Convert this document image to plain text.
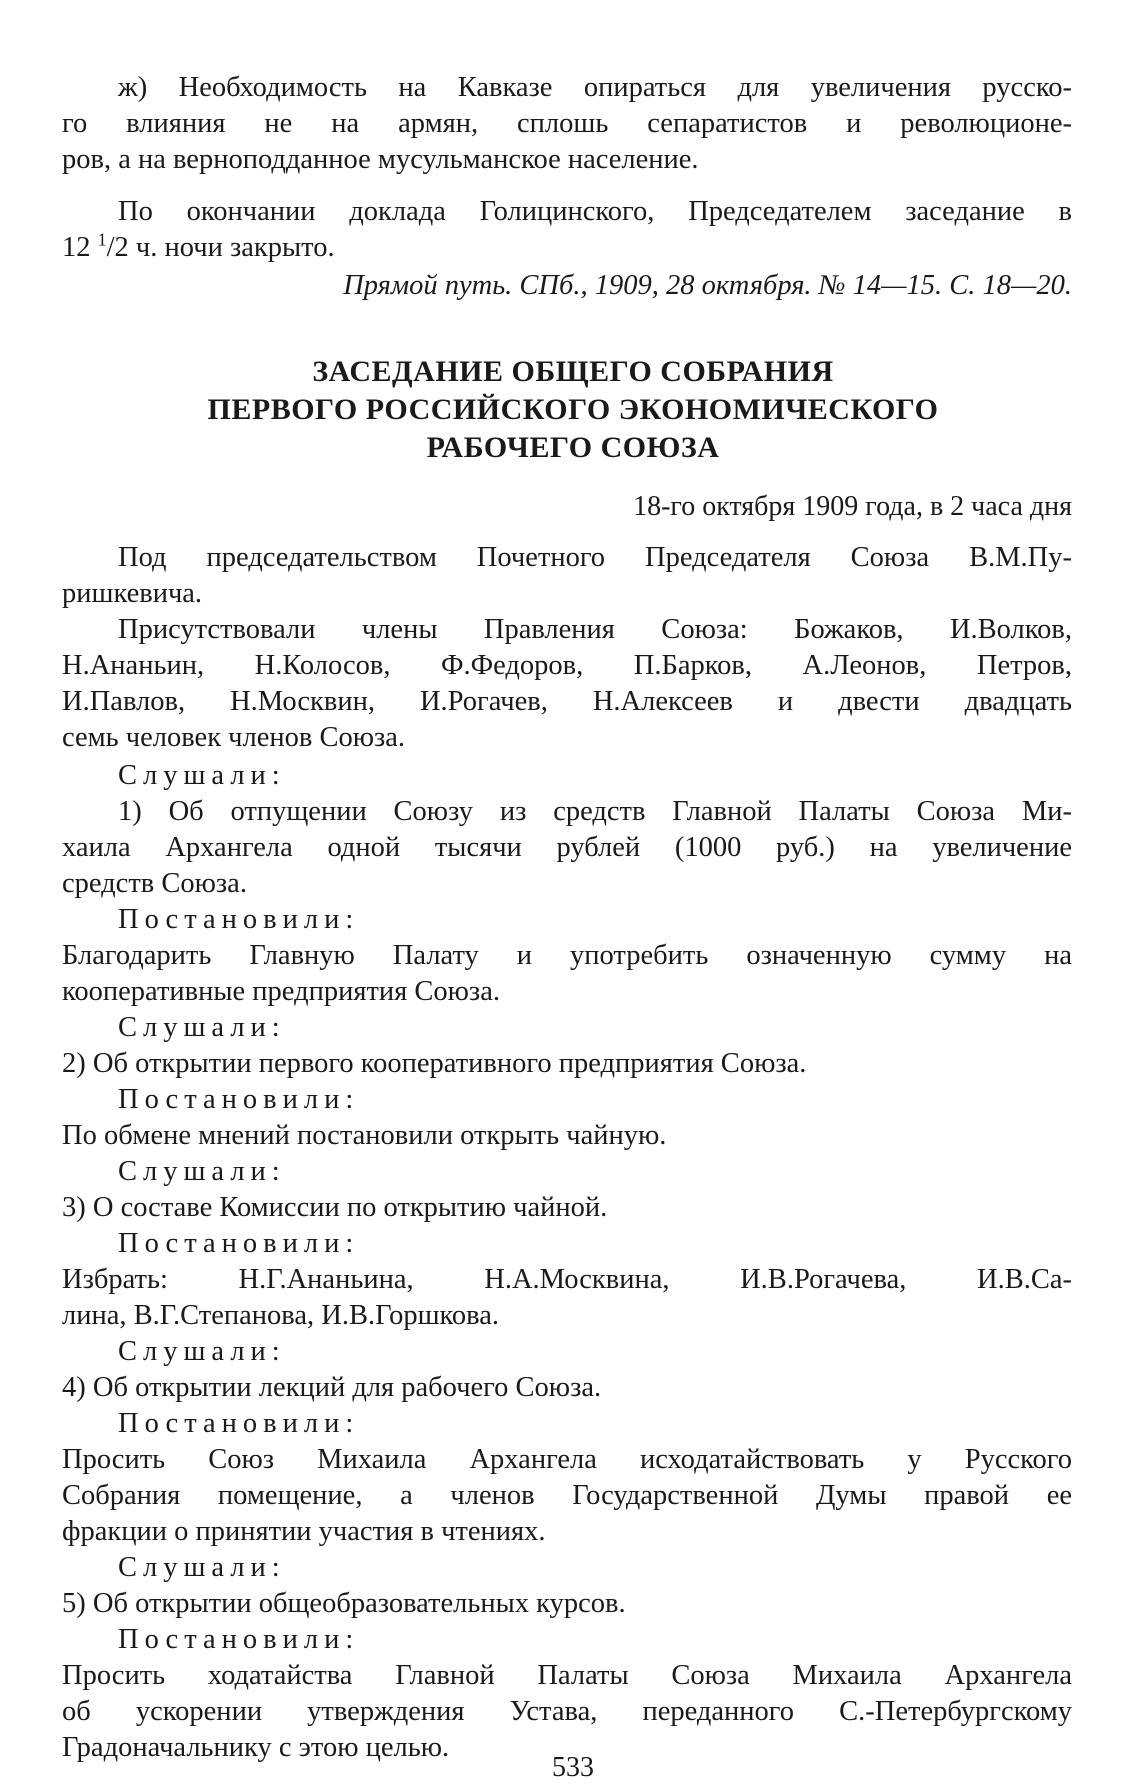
ж) Необходимость на Кавказе опираться для увеличения русско-
го влияния не на армян, сплошь сепаратистов и революционе-
ров, а на верноподданное мусульманское население.
По окончании доклада Голицинского, Председателем заседание в
12 $^1$/2 ч. ночи закрыто.
Прямой путь. СПб., 1909, 28 октября. № 14—15. С. 18—20.
ЗАСЕДАНИЕ ОБЩЕГО СОБРАНИЯ
ПЕРВОГО РОССИЙСКОГО ЭКОНОМИЧЕСКОГО
РАБОЧЕГО СОЮЗА
18-го октября 1909 года, в 2 часа дня
Под председательством Почетного Председателя Союза В.М.Пу-
ришкевича.
Присутствовали члены Правления Союза: Божаков, И.Волков,
Н.Ананьин, Н.Колосов, Ф.Федоров, П.Барков, А.Леонов, Петров,
И.Павлов, Н.Москвин, И.Рогачев, Н.Алексеев и двести двадцать
семь человек членов Союза.
Слушали:
1) Об отпущении Союзу из средств Главной Палаты Союза Ми-
хаила Архангела одной тысячи рублей (1000 руб.) на увеличение
средств Союза.
Постановили:
Благодарить Главную Палату и употребить означенную сумму на
кооперативные предприятия Союза.
Слушали:
2) Об открытии первого кооперативного предприятия Союза.
Постановили:
По обмене мнений постановили открыть чайную.
Слушали:
3) О составе Комиссии по открытию чайной.
Постановили:
Избрать: Н.Г.Ананьина, Н.А.Москвина, И.В.Рогачева, И.В.Са-
лина, В.Г.Степанова, И.В.Горшкова.
Слушали:
4) Об открытии лекций для рабочего Союза.
Постановили:
Просить Союз Михаила Архангела исходатайствовать у Русского
Собрания помещение, а членов Государственной Думы правой ее
фракции о принятии участия в чтениях.
Слушали:
5) Об открытии общеобразовательных курсов.
Постановили:
Просить ходатайства Главной Палаты Союза Михаила Архангела
об ускорении утверждения Устава, переданного С.-Петербургскому
Градоначальнику с этою целью.
533
